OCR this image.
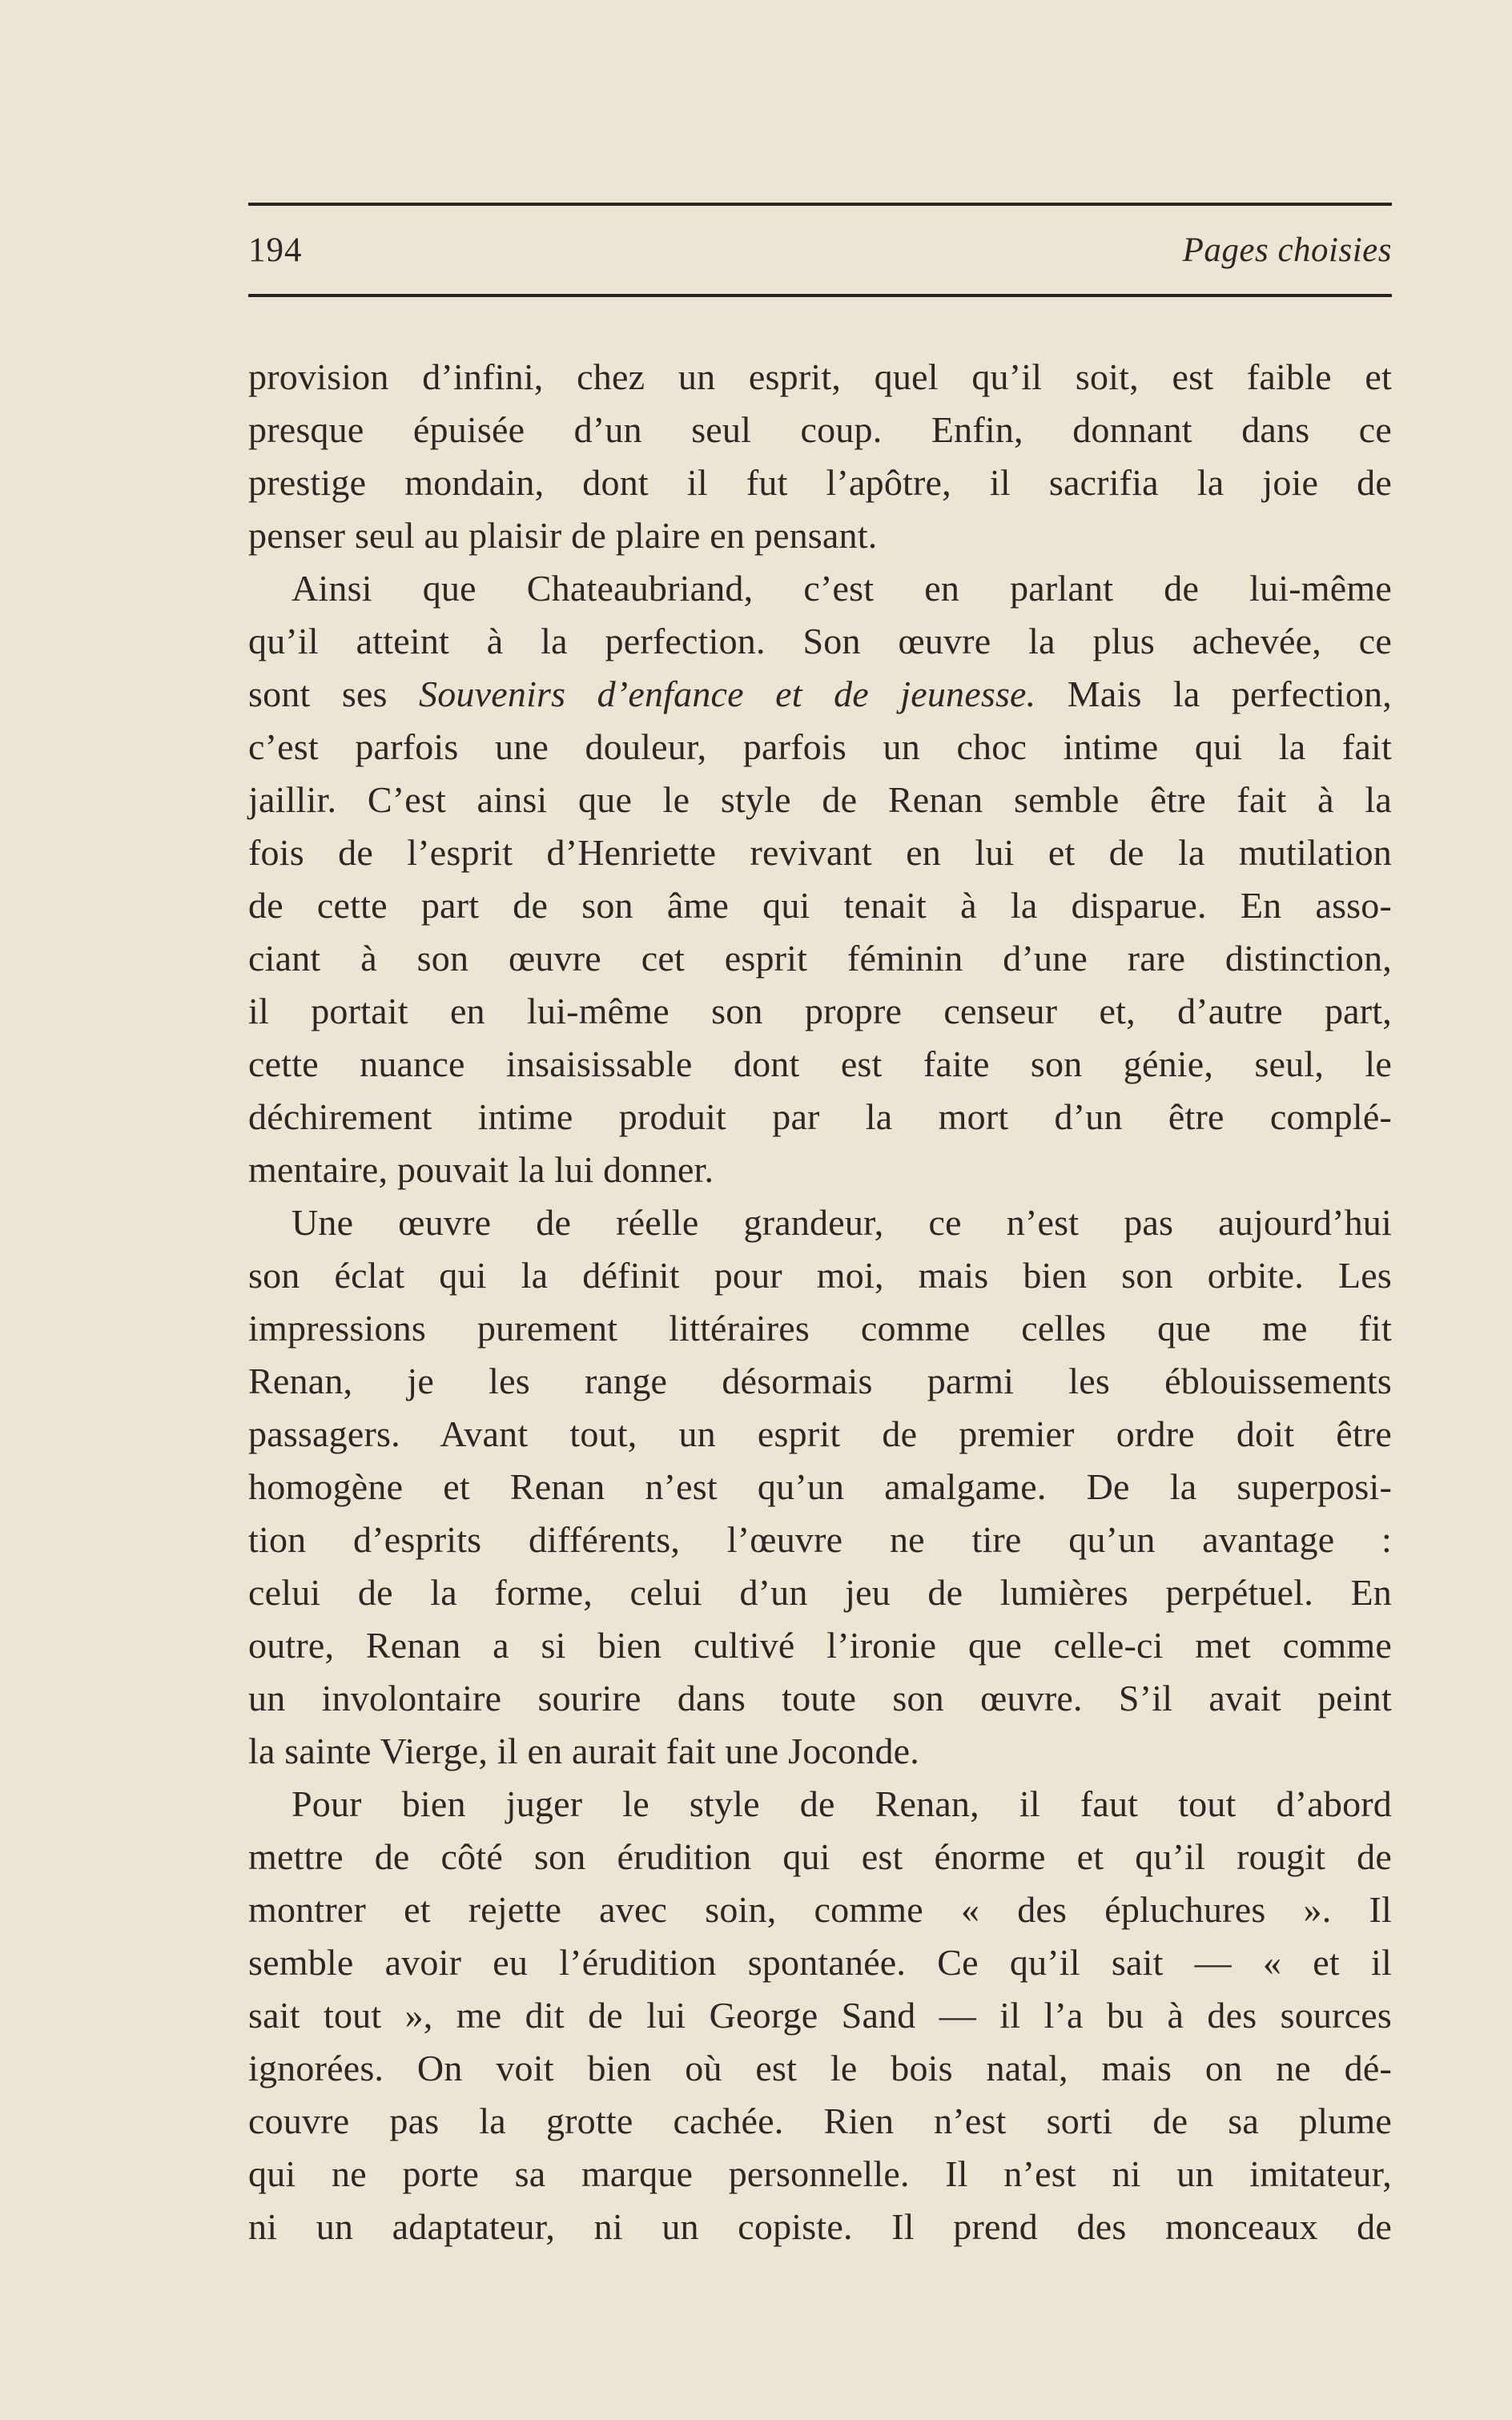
194	Pages choisies
provision d’infini, chez un esprit, quel qu’il soit, est faible et
presque épuisée d’un seul coup. Enfin, donnant dans ce
prestige mondain, dont il fut l’apôtre, il sacrifia la joie de
penser seul au plaisir de plaire en pensant.
Ainsi que Chateaubriand, c’est en parlant de lui-même
qu’il atteint à la perfection. Son œuvre la plus achevée, ce
sont ses Souvenirs d’enfance et de jeunesse. Mais la perfection,
c’est parfois une douleur, parfois un choc intime qui la fait
jaillir. C’est ainsi que le style de Renan semble être fait à la
fois de l’esprit d’Henriette revivant en lui et de la mutilation
de cette part de son âme qui tenait à la disparue. En asso-
ciant à son œuvre cet esprit féminin d’une rare distinction,
il portait en lui-même son propre censeur et, d’autre part,
cette nuance insaisissable dont est faite son génie, seul, le
déchirement intime produit par la mort d’un être complé-
mentaire, pouvait la lui donner.
Une œuvre de réelle grandeur, ce n’est pas aujourd’hui
son éclat qui la définit pour moi, mais bien son orbite. Les
impressions purement littéraires comme celles que me fit
Renan, je les range désormais parmi les éblouissements
passagers. Avant tout, un esprit de premier ordre doit être
homogène et Renan n’est qu’un amalgame. De la superposi-
tion d’esprits différents, l’œuvre ne tire qu’un avantage :
celui de la forme, celui d’un jeu de lumières perpétuel. En
outre, Renan a si bien cultivé l’ironie que celle-ci met comme
un involontaire sourire dans toute son œuvre. S’il avait peint
la sainte Vierge, il en aurait fait une Joconde.
Pour bien juger le style de Renan, il faut tout d’abord
mettre de côté son érudition qui est énorme et qu’il rougit de
montrer et rejette avec soin, comme « des épluchures ». Il
semble avoir eu l’érudition spontanée. Ce qu’il sait — « et il
sait tout », me dit de lui George Sand — il l’a bu à des sources
ignorées. On voit bien où est le bois natal, mais on ne dé-
couvre pas la grotte cachée. Rien n’est sorti de sa plume
qui ne porte sa marque personnelle. Il n’est ni un imitateur,
ni un adaptateur, ni un copiste. Il prend des monceaux de
